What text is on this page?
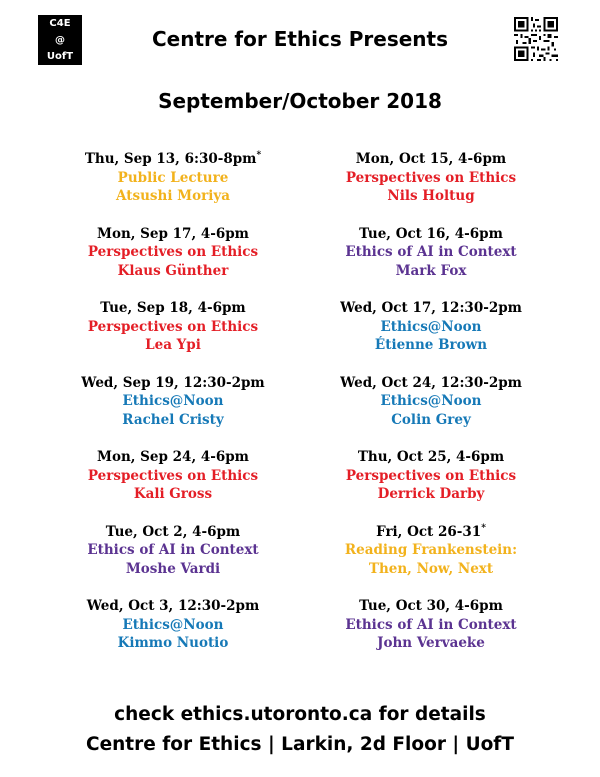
C4E
@
UofT
Centre for Ethics Presents
September/October 2018
Thu, Sep 13, 6:30-8pm*
Public Lecture
Atsushi Moriya
Mon, Sep 17, 4-6pm
Perspectives on Ethics
Klaus Günther
Tue, Sep 18, 4-6pm
Perspectives on Ethics
Lea Ypi
Wed, Sep 19, 12:30-2pm
Ethics@Noon
Rachel Cristy
Mon, Sep 24, 4-6pm
Perspectives on Ethics
Kali Gross
Tue, Oct 2, 4-6pm
Ethics of AI in Context
Moshe Vardi
Wed, Oct 3, 12:30-2pm
Ethics@Noon
Kimmo Nuotio
Mon, Oct 15, 4-6pm
Perspectives on Ethics
Nils Holtug
Tue, Oct 16, 4-6pm
Ethics of AI in Context
Mark Fox
Wed, Oct 17, 12:30-2pm
Ethics@Noon
Étienne Brown
Wed, Oct 24, 12:30-2pm
Ethics@Noon
Colin Grey
Thu, Oct 25, 4-6pm
Perspectives on Ethics
Derrick Darby
Fri, Oct 26-31*
Reading Frankenstein:
Then, Now, Next
Tue, Oct 30, 4-6pm
Ethics of AI in Context
John Vervaeke
check ethics.utoronto.ca for details
Centre for Ethics | Larkin, 2d Floor | UofT
